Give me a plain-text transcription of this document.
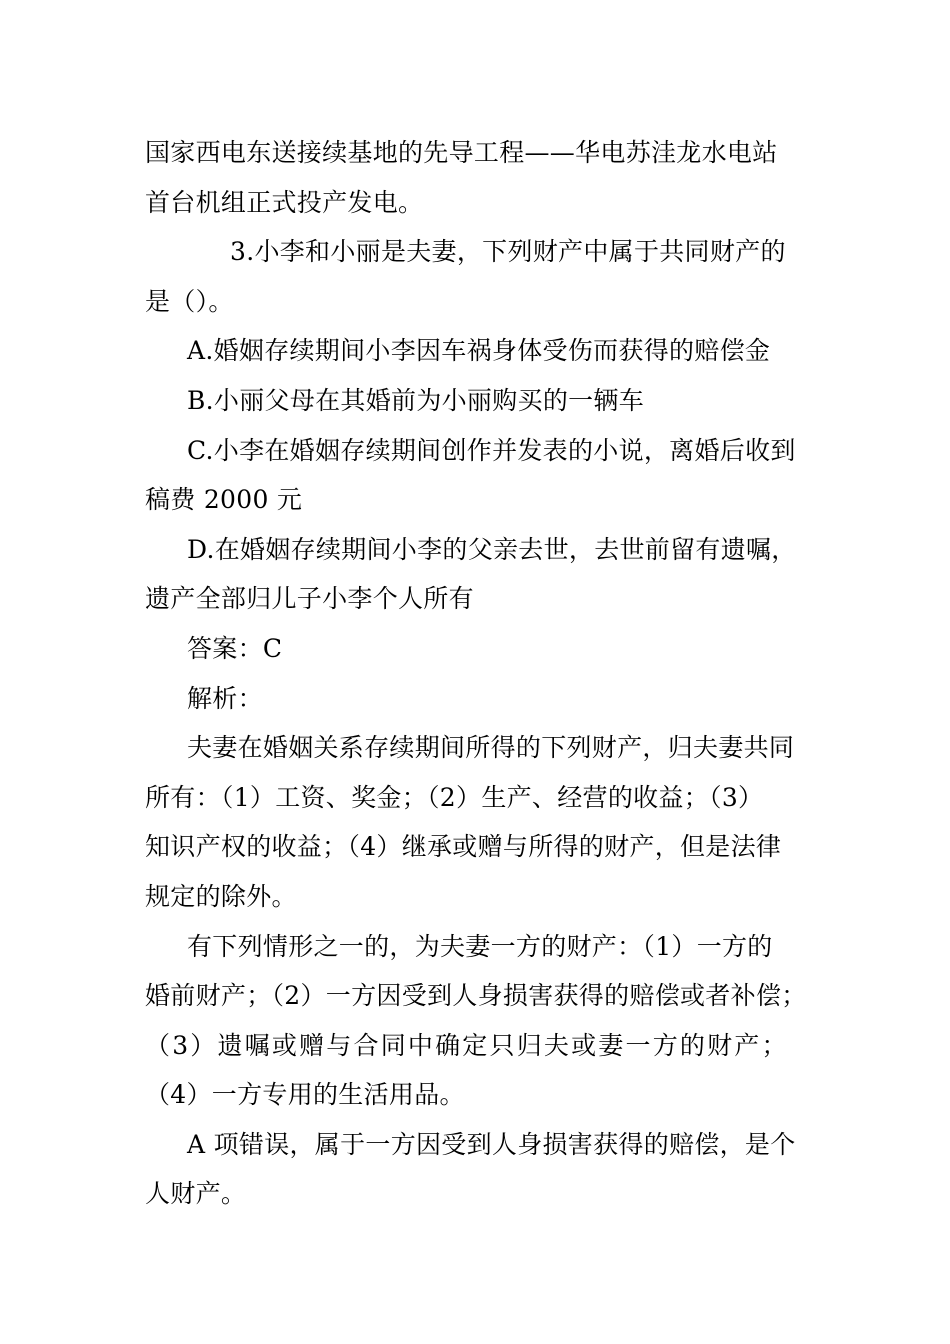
国家西电东送接续基地的先导工程——华电苏洼龙水电站
首台机组正式投产发电。
3.小李和小丽是夫妻，下列财产中属于共同财产的
是（）。
A.婚姻存续期间小李因车祸身体受伤而获得的赔偿金
B.小丽父母在其婚前为小丽购买的一辆车
C.小李在婚姻存续期间创作并发表的小说，离婚后收到
稿费 2000 元
D.在婚姻存续期间小李的父亲去世，去世前留有遗嘱，
遗产全部归儿子小李个人所有
答案：C
解析：
夫妻在婚姻关系存续期间所得的下列财产，归夫妻共同
所有：（1）工资、奖金；（2）生产、经营的收益；（3）
知识产权的收益；（4）继承或赠与所得的财产，但是法律
规定的除外。
有下列情形之一的，为夫妻一方的财产：（1）一方的
婚前财产；（2）一方因受到人身损害获得的赔偿或者补偿；
（3）遗嘱或赠与合同中确定只归夫或妻一方的财产；
（4）一方专用的生活用品。
A 项错误，属于一方因受到人身损害获得的赔偿，是个
人财产。
